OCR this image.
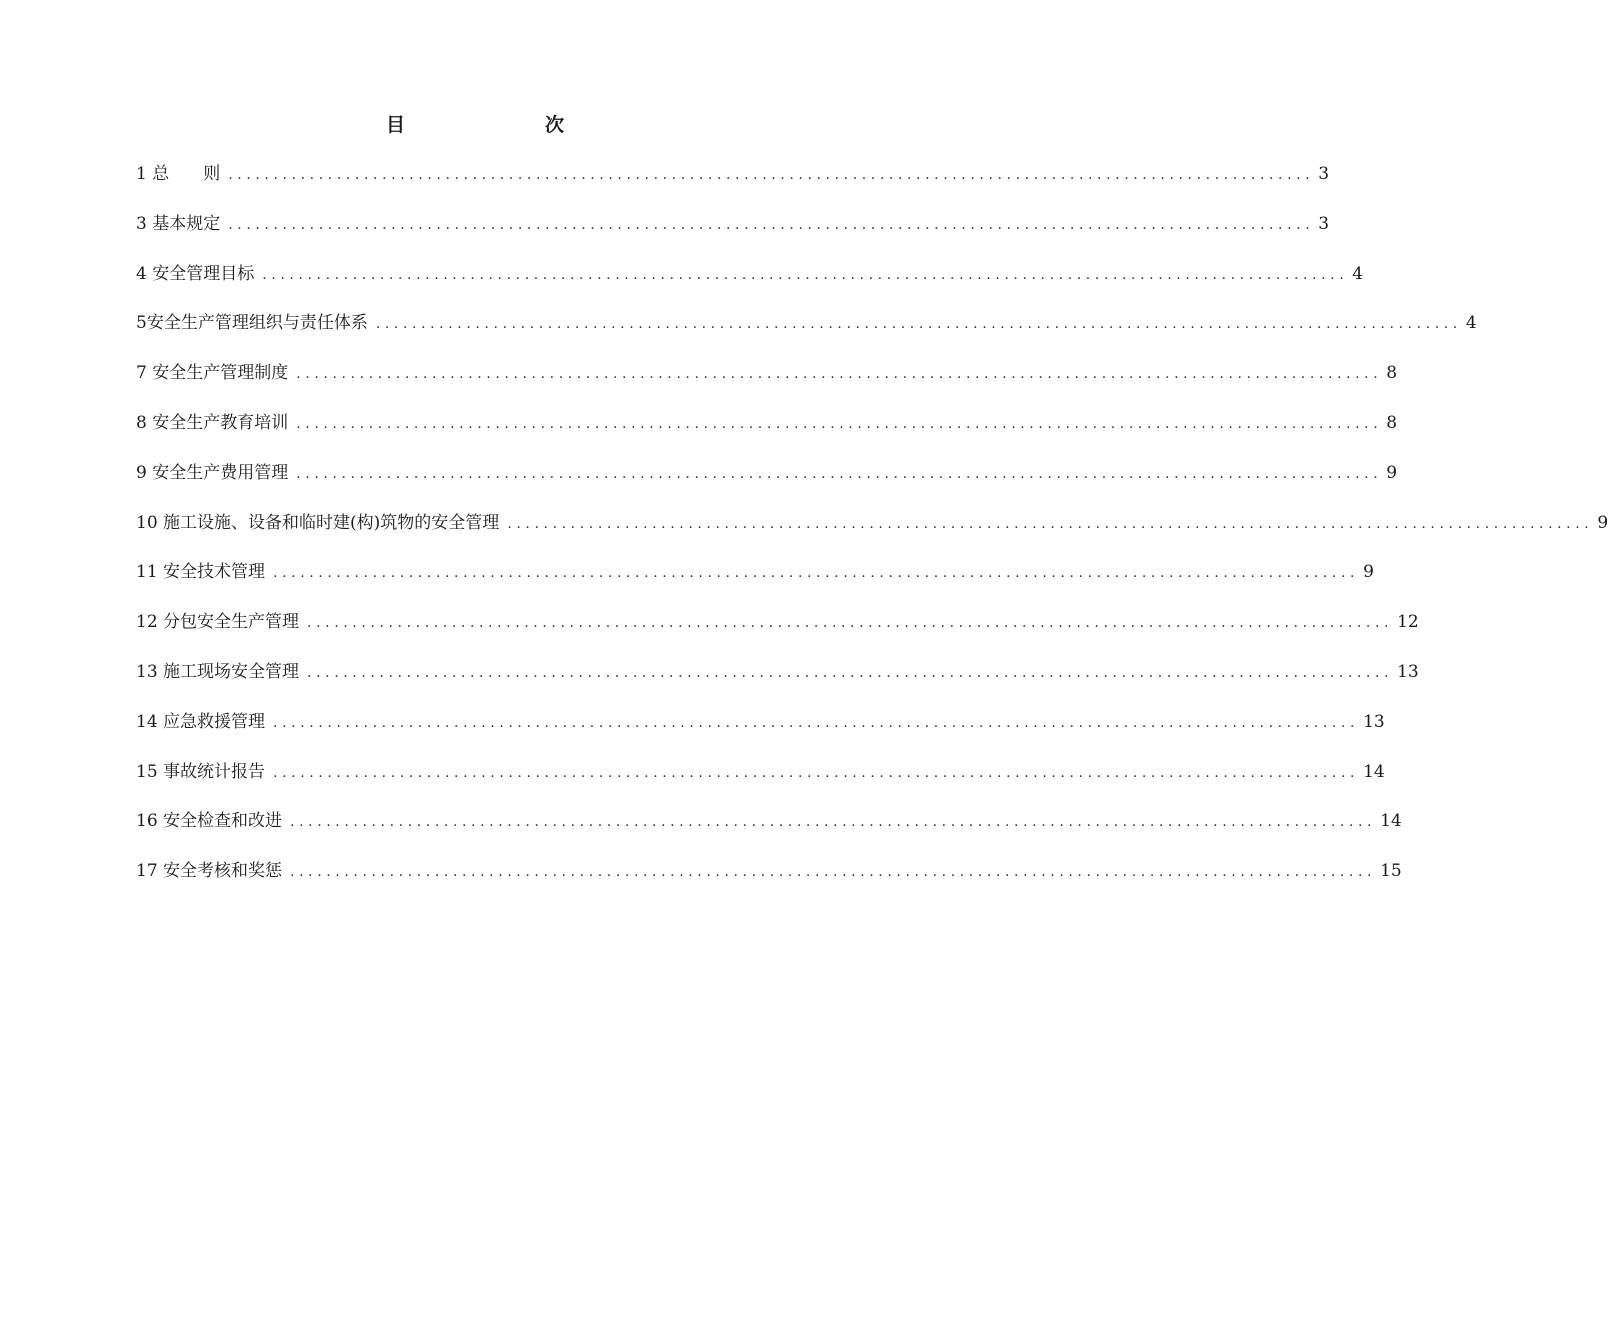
目　　次
1 总　　则 ........................................................................................................................ 3
3 基本规定 ........................................................................................................................ 3
4 安全管理目标 ........................................................................................................................ 4
5安全生产管理组织与责任体系 ........................................................................................................................ 4
7 安全生产管理制度 ........................................................................................................................ 8
8 安全生产教育培训 ........................................................................................................................ 8
9 安全生产费用管理 ........................................................................................................................ 9
10 施工设施、设备和临时建(构)筑物的安全管理 ........................................................................................................................ 9
11 安全技术管理 ........................................................................................................................ 9
12 分包安全生产管理 ........................................................................................................................ 12
13 施工现场安全管理 ........................................................................................................................ 13
14 应急救援管理 ........................................................................................................................ 13
15 事故统计报告 ........................................................................................................................ 14
16 安全检查和改进 ........................................................................................................................ 14
17 安全考核和奖惩 ........................................................................................................................ 15
